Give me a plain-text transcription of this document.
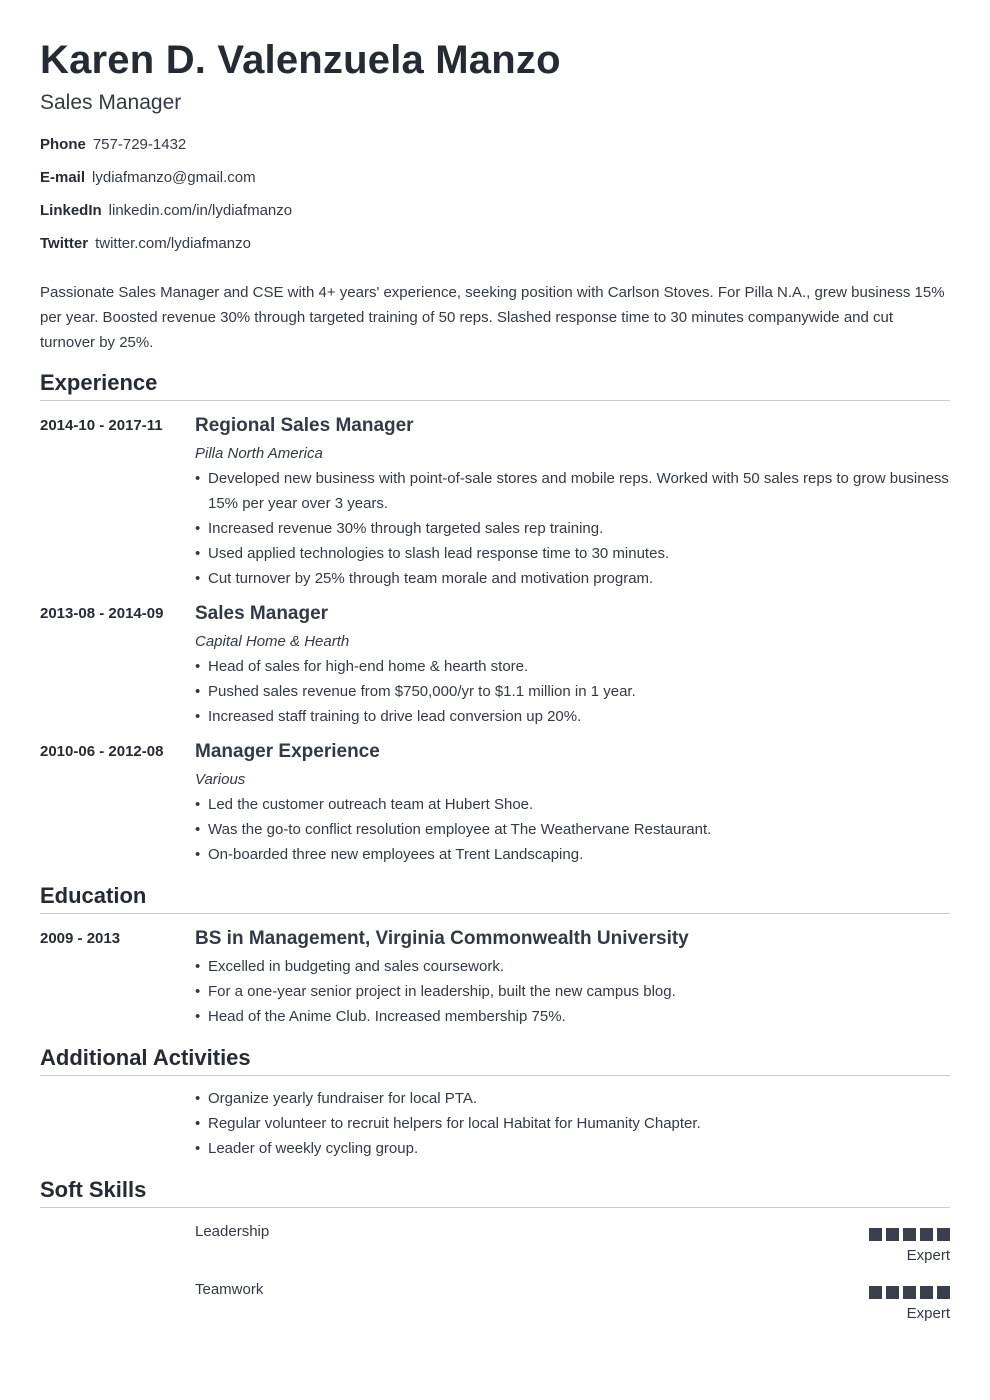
Karen D. Valenzuela Manzo
Sales Manager
Phone 757-729-1432
E-mail lydiafmanzo@gmail.com
LinkedIn linkedin.com/in/lydiafmanzo
Twitter twitter.com/lydiafmanzo
Passionate Sales Manager and CSE with 4+ years' experience, seeking position with Carlson Stoves. For Pilla N.A., grew business 15% per year. Boosted revenue 30% through targeted training of 50 reps. Slashed response time to 30 minutes companywide and cut turnover by 25%.
Experience
2014-10 - 2017-11	Regional Sales Manager
Pilla North America
• Developed new business with point-of-sale stores and mobile reps. Worked with 50 sales reps to grow business 15% per year over 3 years.
• Increased revenue 30% through targeted sales rep training.
• Used applied technologies to slash lead response time to 30 minutes.
• Cut turnover by 25% through team morale and motivation program.
2013-08 - 2014-09	Sales Manager
Capital Home & Hearth
• Head of sales for high-end home & hearth store.
• Pushed sales revenue from $750,000/yr to $1.1 million in 1 year.
• Increased staff training to drive lead conversion up 20%.
2010-06 - 2012-08	Manager Experience
Various
• Led the customer outreach team at Hubert Shoe.
• Was the go-to conflict resolution employee at The Weathervane Restaurant.
• On-boarded three new employees at Trent Landscaping.
Education
2009 - 2013	BS in Management, Virginia Commonwealth University
• Excelled in budgeting and sales coursework.
• For a one-year senior project in leadership, built the new campus blog.
• Head of the Anime Club. Increased membership 75%.
Additional Activities
• Organize yearly fundraiser for local PTA.
• Regular volunteer to recruit helpers for local Habitat for Humanity Chapter.
• Leader of weekly cycling group.
Soft Skills
Leadership
Expert
Teamwork
Expert
